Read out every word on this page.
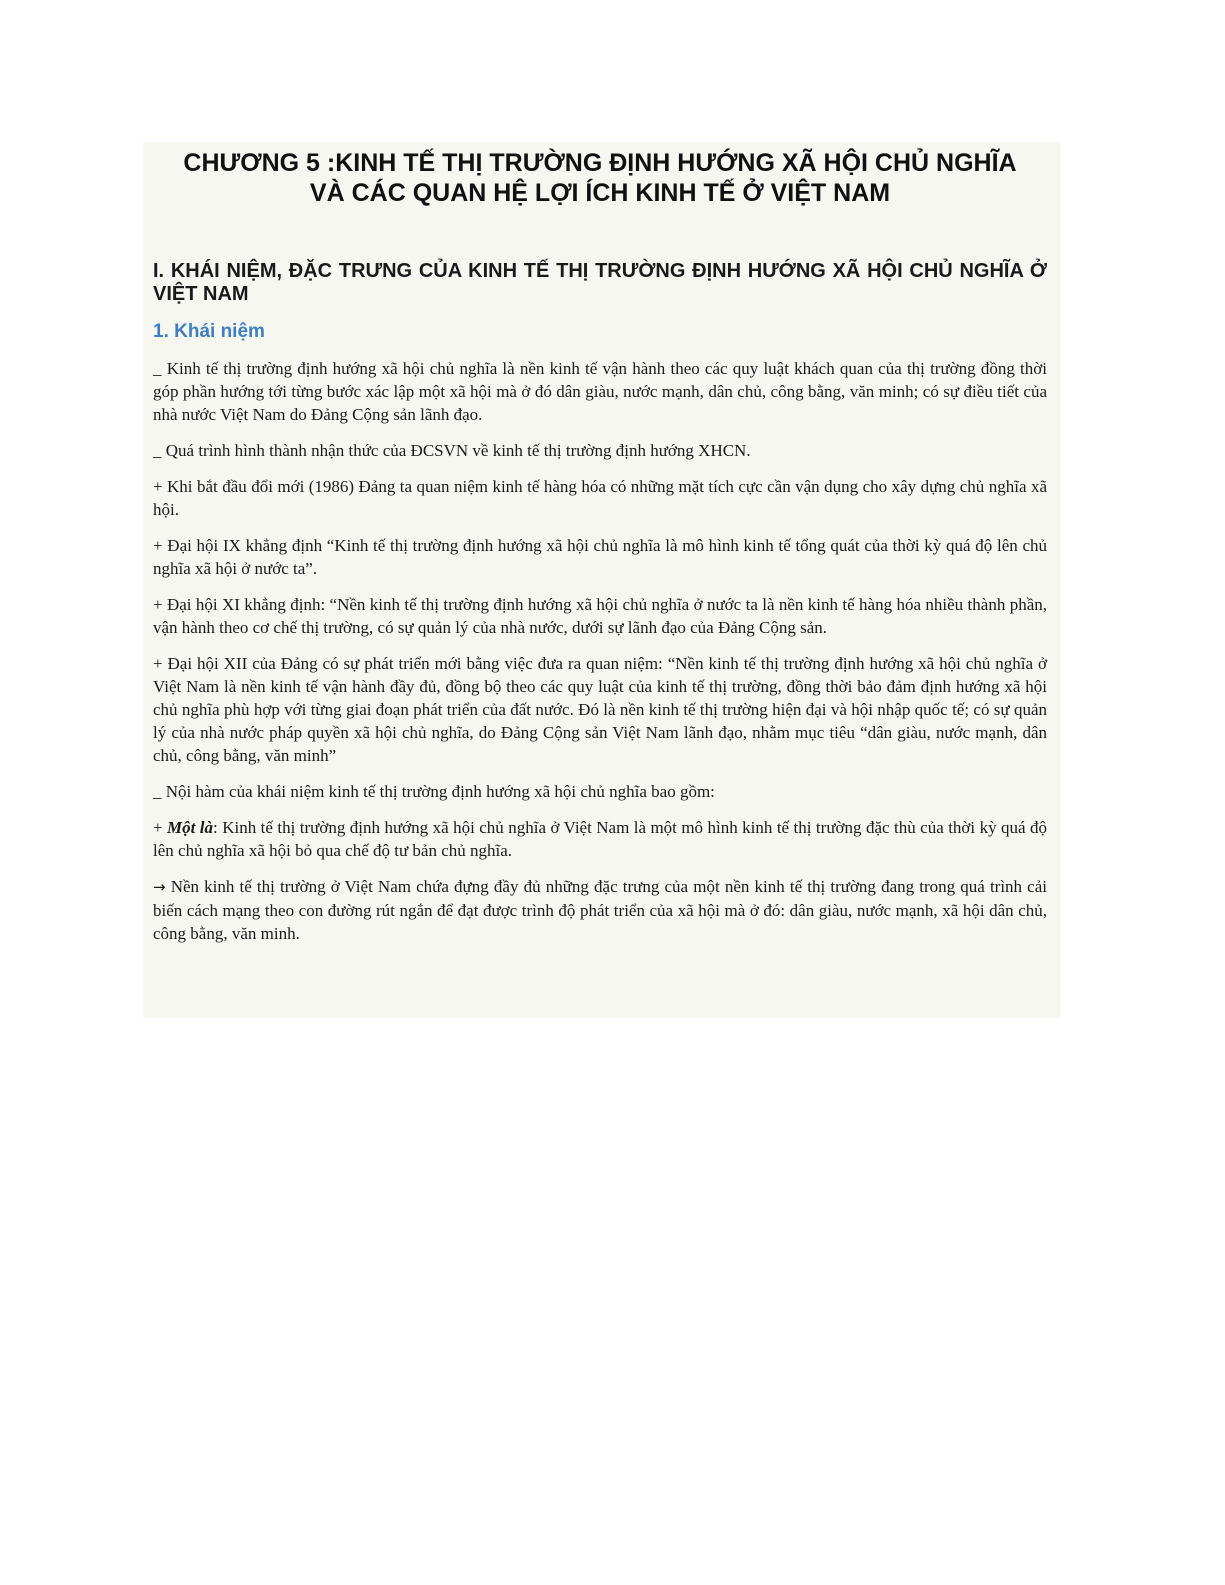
CHƯƠNG 5 :KINH TẾ THỊ TRƯỜNG ĐỊNH HƯỚNG XÃ HỘI CHỦ NGHĨA
VÀ CÁC QUAN HỆ LỢI ÍCH KINH TẾ Ở VIỆT NAM
I. KHÁI NIỆM, ĐẶC TRƯNG CỦA KINH TẾ THỊ TRƯỜNG ĐỊNH HƯỚNG XÃ HỘI CHỦ NGHĨA Ở VIỆT NAM
1. Khái niệm

_ Kinh tế thị trường định hướng xã hội chủ nghĩa là nền kinh tế vận hành theo các quy luật khách quan của thị trường đồng thời góp phần hướng tới từng bước xác lập một xã hội mà ở đó dân giàu, nước mạnh, dân chủ, công bằng, văn minh; có sự điều tiết của nhà nước Việt Nam do Đảng Cộng sản lãnh đạo.

_ Quá trình hình thành nhận thức của ĐCSVN về kinh tế thị trường định hướng XHCN.

+ Khi bắt đầu đổi mới (1986) Đảng ta quan niệm kinh tế hàng hóa có những mặt tích cực cần vận dụng cho xây dựng chủ nghĩa xã hội.

+ Đại hội IX khẳng định “Kinh tế thị trường định hướng xã hội chủ nghĩa là mô hình kinh tế tổng quát của thời kỳ quá độ lên chủ nghĩa xã hội ở nước ta”.

+ Đại hội XI khẳng định: “Nền kinh tế thị trường định hướng xã hội chủ nghĩa ở nước ta là nền kinh tế hàng hóa nhiều thành phần, vận hành theo cơ chế thị trường, có sự quản lý của nhà nước, dưới sự lãnh đạo của Đảng Cộng sản.

+ Đại hội XII của Đảng có sự phát triển mới bằng việc đưa ra quan niệm: “Nền kinh tế thị trường định hướng xã hội chủ nghĩa ở Việt Nam là nền kinh tế vận hành đầy đủ, đồng bộ theo các quy luật của kinh tế thị trường, đồng thời bảo đảm định hướng xã hội chủ nghĩa phù hợp với từng giai đoạn phát triển của đất nước. Đó là nền kinh tế thị trường hiện đại và hội nhập quốc tế; có sự quản lý của nhà nước pháp quyền xã hội chủ nghĩa, do Đảng Cộng sản Việt Nam lãnh đạo, nhằm mục tiêu “dân giàu, nước mạnh, dân chủ, công bằng, văn minh”

_ Nội hàm của khái niệm kinh tế thị trường định hướng xã hội chủ nghĩa bao gồm:

+ Một là: Kinh tế thị trường định hướng xã hội chủ nghĩa ở Việt Nam là một mô hình kinh tế thị trường đặc thù của thời kỳ quá độ lên chủ nghĩa xã hội bỏ qua chế độ tư bản chủ nghĩa.

→ Nền kinh tế thị trường ở Việt Nam chứa đựng đầy đủ những đặc trưng của một nền kinh tế thị trường đang trong quá trình cải biến cách mạng theo con đường rút ngắn để đạt được trình độ phát triển của xã hội mà ở đó: dân giàu, nước mạnh, xã hội dân chủ, công bằng, văn minh.
